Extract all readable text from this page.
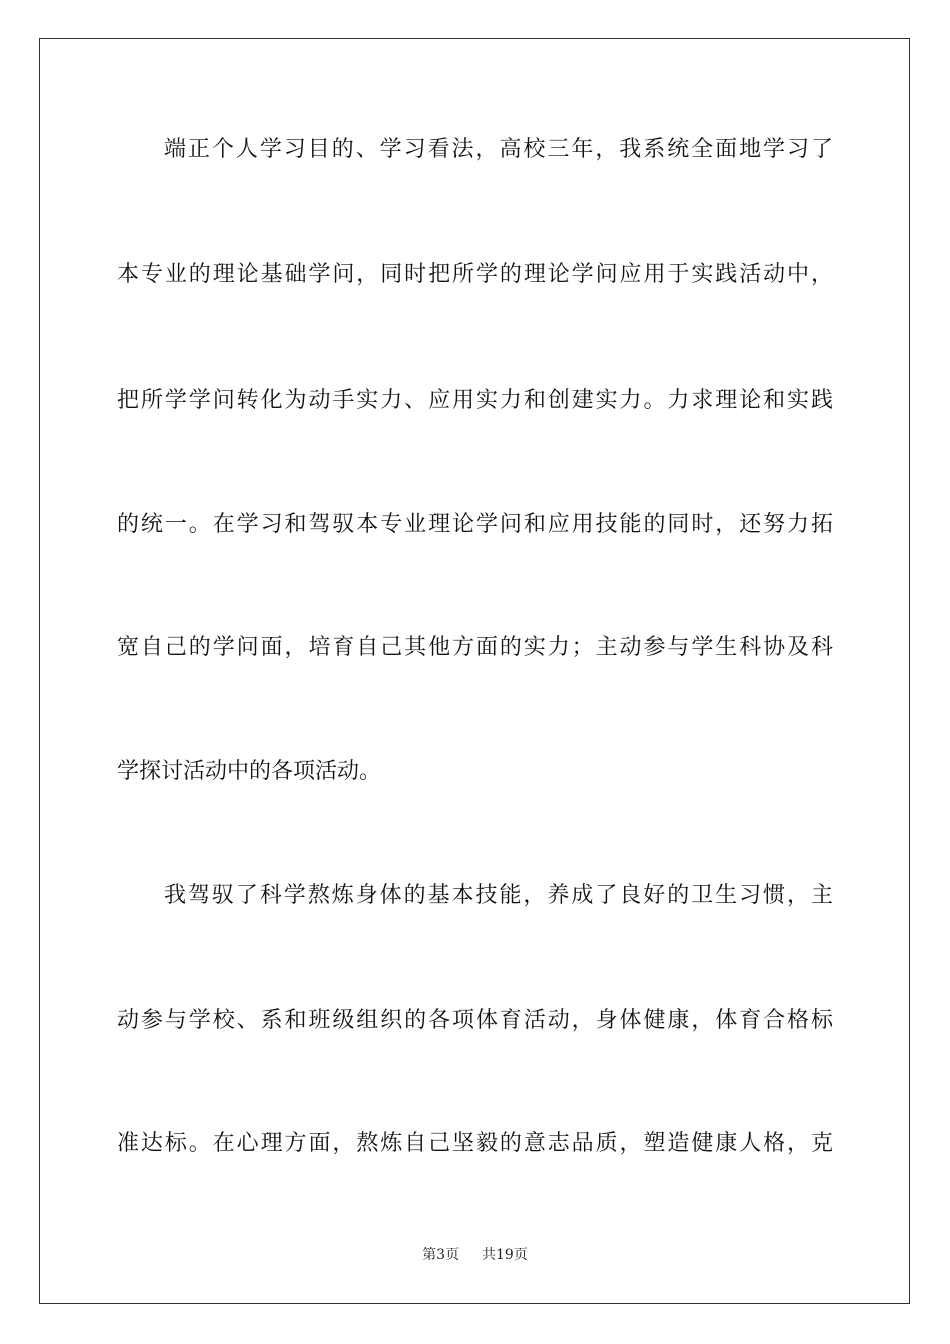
端正个人学习目的、学习看法，高校三年，我系统全面地学习了
本专业的理论基础学问，同时把所学的理论学问应用于实践活动中，
把所学学问转化为动手实力、应用实力和创建实力。力求理论和实践
的统一。在学习和驾驭本专业理论学问和应用技能的同时，还努力拓
宽自己的学问面，培育自己其他方面的实力；主动参与学生科协及科
学探讨活动中的各项活动。
我驾驭了科学熬炼身体的基本技能，养成了良好的卫生习惯，主
动参与学校、系和班级组织的各项体育活动，身体健康，体育合格标
准达标。在心理方面，熬炼自己坚毅的意志品质，塑造健康人格，克
第3页 共19页
